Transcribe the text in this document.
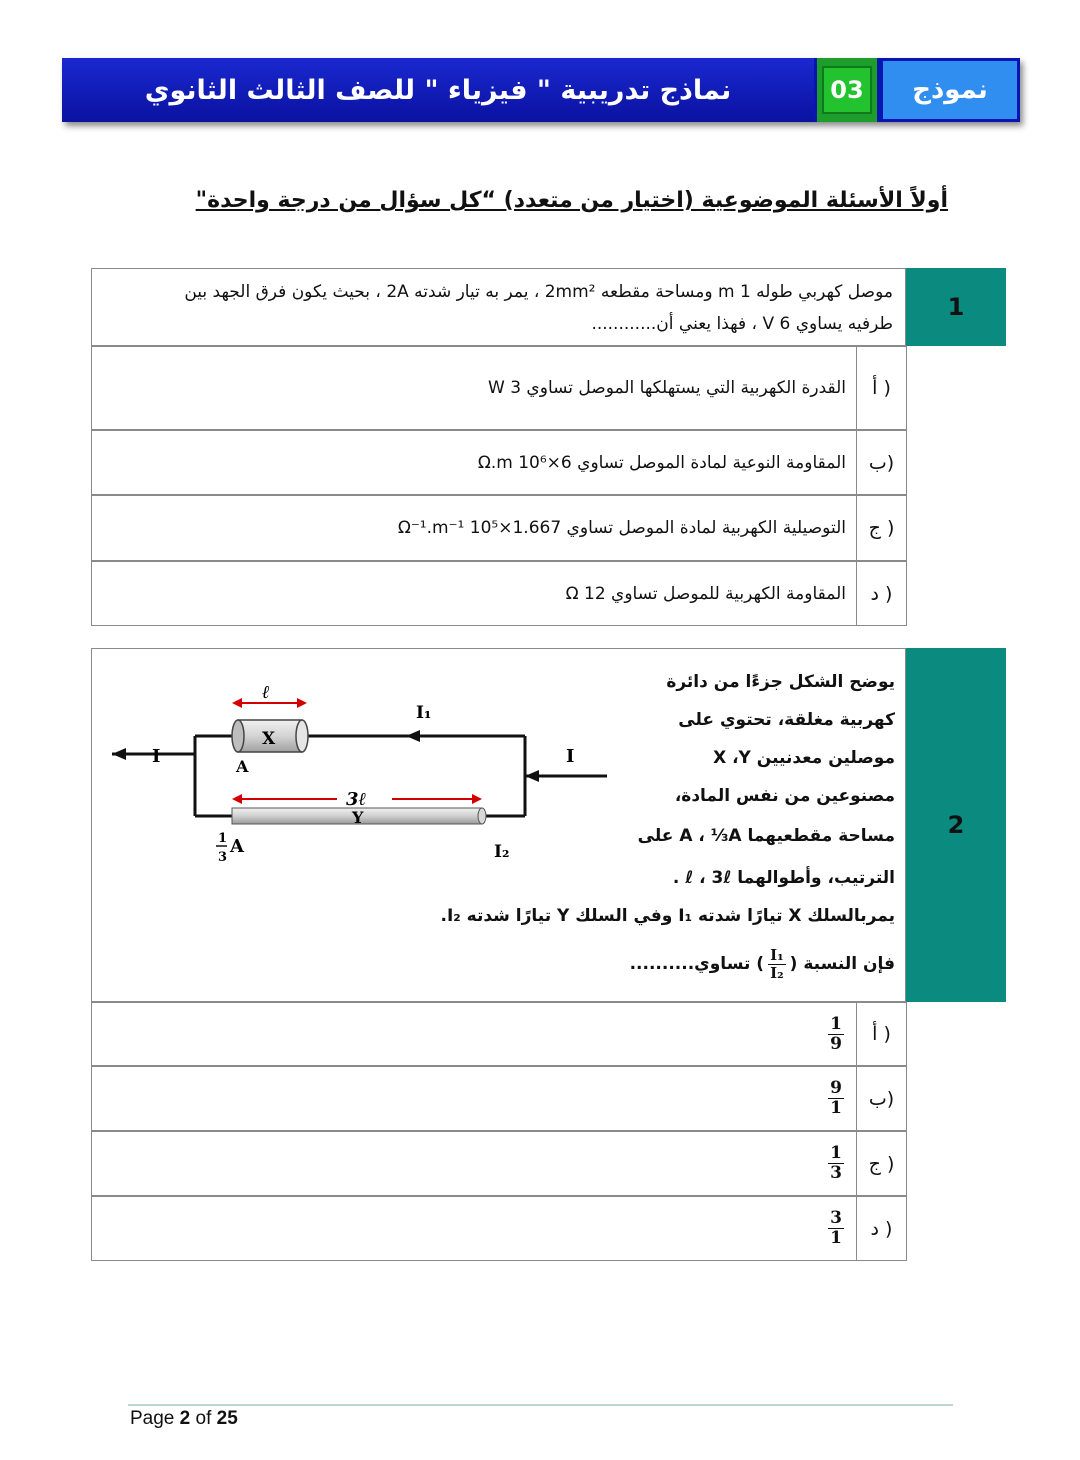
نماذج تدريبية " فيزياء " للصف الثالث الثانوي	03	نموذج
أولاً الأسئلة الموضوعية (اختيار من متعدد) “كل سؤال من درجة واحدة"
موصل كهربي طوله 1 m ومساحة مقطعه 2mm² ، يمر به تيار شدته 2A ، بحيث يكون فرق الجهد بين
طرفيه يساوي 6 V ، فهذا يعني أن............
1
أ )
القدرة الكهربية التي يستهلكها الموصل تساوي 3 W
ب)
المقاومة النوعية لمادة الموصل تساوي 6×10⁶ Ω.m
ج )
التوصيلية الكهربية لمادة الموصل تساوي 1.667×10⁵ Ω⁻¹.m⁻¹
د )
المقاومة الكهربية للموصل تساوي 12 Ω
يوضح الشكل جزءًا من دائرة
كهربية مغلقة، تحتوي على
موصلين معدنيين X ،Y
مصنوعين من نفس المادة،
مساحة مقطعيهما A ، ⅓A على
الترتيب، وأطوالهما ℓ ، 3ℓ .
يمربالسلك X تيارًا شدته I₁ وفي السلك Y تيارًا شدته I₂.
فإن النسبة (
$\frac{\text{I₁}}{\text{I₂}}$
) تساوي..........
I	I
I₁
I₂
ℓ
3ℓ
X
Y
A
1
3
A
2
أ )
$\frac{1}{9}$
ب)
$\frac{9}{1}$
ج )
$\frac{1}{3}$
د )
$\frac{3}{1}$
Page 2 of 25
